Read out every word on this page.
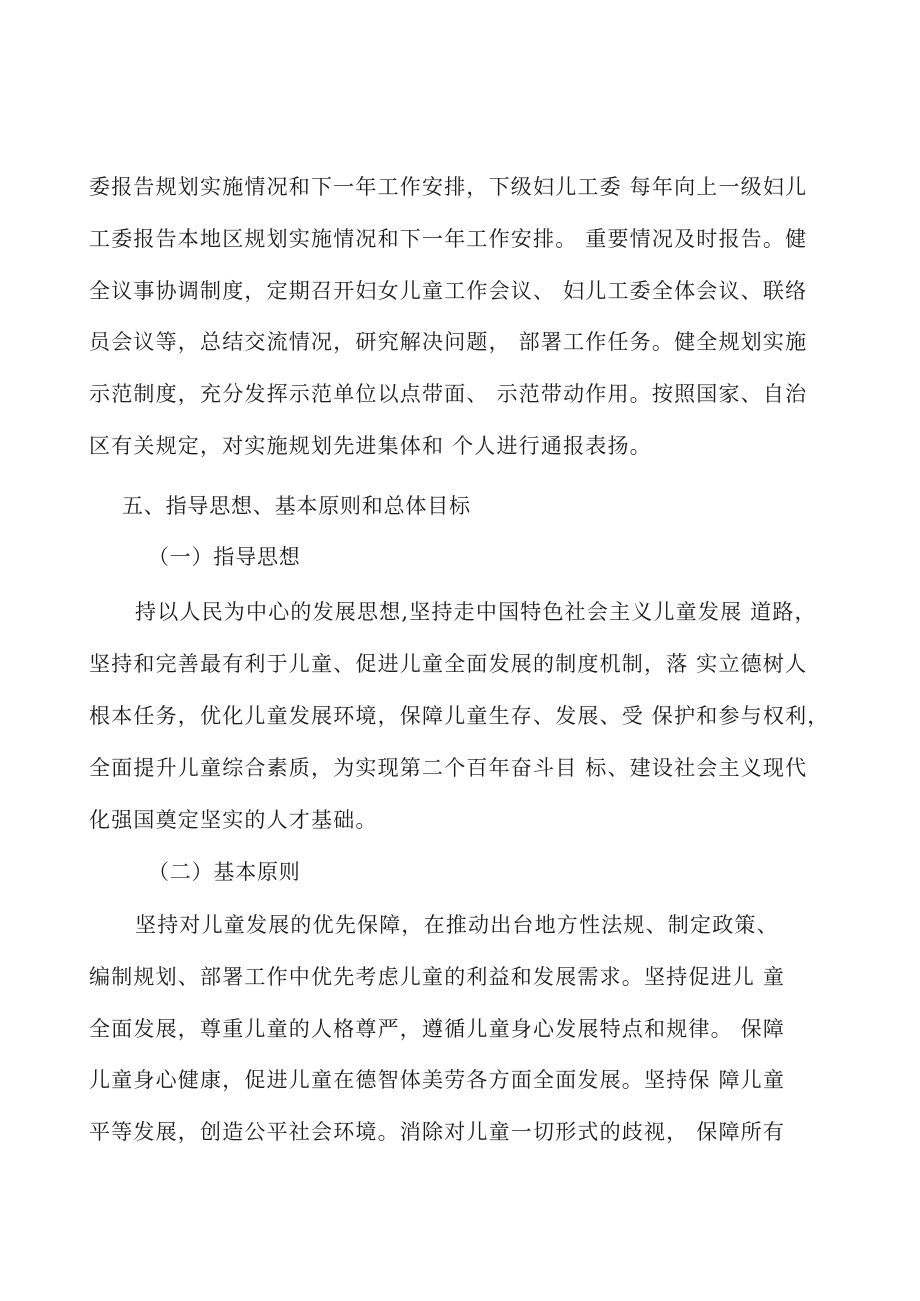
委报告规划实施情况和下一年工作安排，下级妇儿工委 每年向上一级妇儿
工委报告本地区规划实施情况和下一年工作安排。 重要情况及时报告。健
全议事协调制度，定期召开妇女儿童工作会议、 妇儿工委全体会议、联络
员会议等，总结交流情况，研究解决问题， 部署工作任务。健全规划实施
示范制度，充分发挥示范单位以点带面、 示范带动作用。按照国家、自治
区有关规定，对实施规划先进集体和 个人进行通报表扬。
五、指导思想、基本原则和总体目标
（一）指导思想
持以人民为中心的发展思想,坚持走中国特色社会主义儿童发展 道路，
坚持和完善最有利于儿童、促进儿童全面发展的制度机制，落 实立德树人
根本任务，优化儿童发展环境，保障儿童生存、发展、受 保护和参与权利，
全面提升儿童综合素质，为实现第二个百年奋斗目 标、建设社会主义现代
化强国奠定坚实的人才基础。
（二）基本原则
坚持对儿童发展的优先保障，在推动出台地方性法规、制定政策、
编制规划、部署工作中优先考虑儿童的利益和发展需求。坚持促进儿 童
全面发展，尊重儿童的人格尊严，遵循儿童身心发展特点和规律。 保障
儿童身心健康，促进儿童在德智体美劳各方面全面发展。坚持保 障儿童
平等发展，创造公平社会环境。消除对儿童一切形式的歧视， 保障所有
